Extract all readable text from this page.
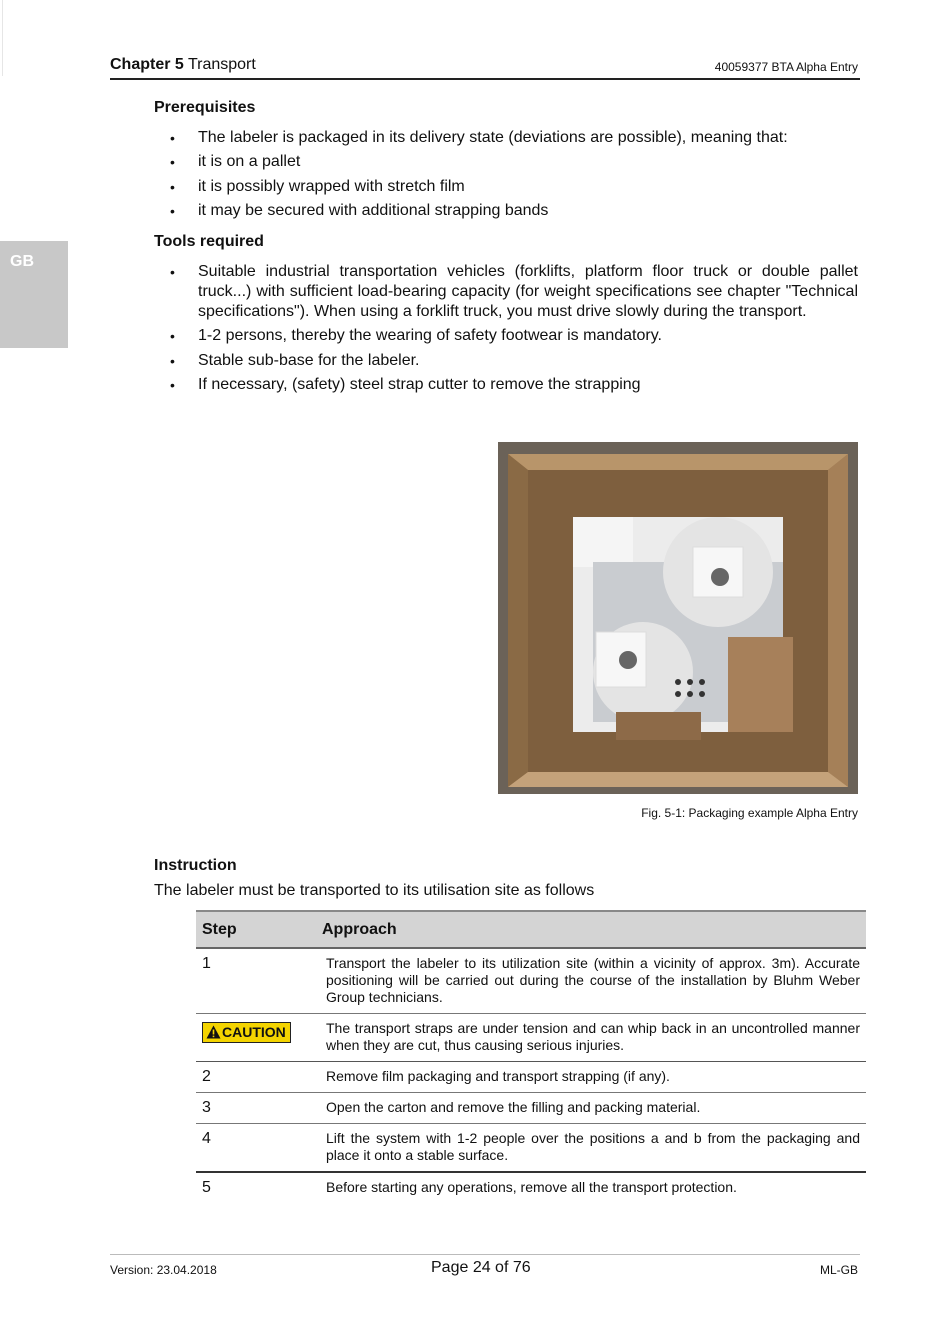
Chapter 5 Transport	40059377 BTA Alpha Entry
GB
Prerequisites
• The labeler is packaged in its delivery state (deviations are possible), meaning that:
• it is on a pallet
• it is possibly wrapped with stretch film
• it may be secured with additional strapping bands
Tools required
• Suitable industrial transportation vehicles (forklifts, platform floor truck or double pallet truck...) with sufficient load-bearing capacity (for weight specifications see chapter "Technical specifications"). When using a forklift truck, you must drive slowly during the transport.
• 1-2 persons, thereby the wearing of safety footwear is mandatory.
• Stable sub-base for the labeler.
• If necessary, (safety) steel strap cutter to remove the strapping
Fig. 5-1: Packaging example Alpha Entry
Instruction
The labeler must be transported to its utilisation site as follows
Step	Approach
1	Transport the labeler to its utilization site (within a vicinity of approx. 3m). Accurate positioning will be carried out during the course of the installation by Bluhm Weber Group technicians.
CAUTION	The transport straps are under tension and can whip back in an uncontrolled manner when they are cut, thus causing serious injuries.
2	Remove film packaging and transport strapping (if any).
3	Open the carton and remove the filling and packing material.
4	Lift the system with 1-2 people over the positions a and b from the packaging and place it onto a stable surface.
5	Before starting any operations, remove all the transport protection.
Version: 23.04.2018	Page 24 of 76	ML-GB
